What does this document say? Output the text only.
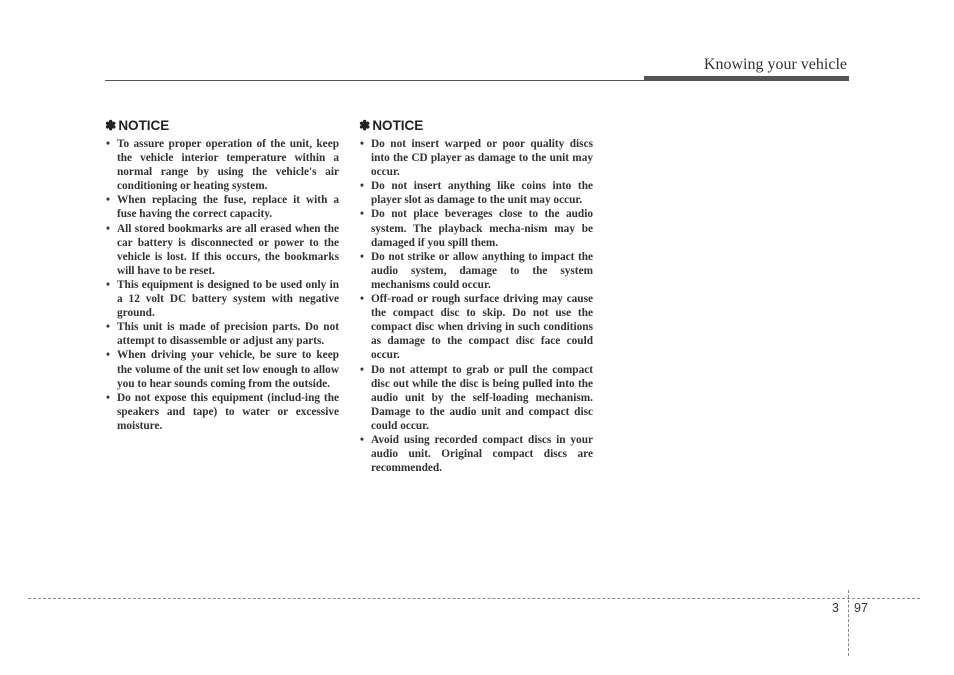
Knowing your vehicle
✽ NOTICE
• To assure proper operation of the unit, keep the vehicle interior temperature within a normal range by using the vehicle's air conditioning or heating system.
• When replacing the fuse, replace it with a fuse having the correct capacity.
• All stored bookmarks are all erased when the car battery is disconnected or power to the vehicle is lost. If this occurs, the bookmarks will have to be reset.
• This equipment is designed to be used only in a 12 volt DC battery system with negative ground.
• This unit is made of precision parts. Do not attempt to disassemble or adjust any parts.
• When driving your vehicle, be sure to keep the volume of the unit set low enough to allow you to hear sounds coming from the outside.
• Do not expose this equipment (includ-ing the speakers and tape) to water or excessive moisture.
✽ NOTICE
• Do not insert warped or poor quality discs into the CD player as damage to the unit may occur.
• Do not insert anything like coins into the player slot as damage to the unit may occur.
• Do not place beverages close to the audio system. The playback mecha-nism may be damaged if you spill them.
• Do not strike or allow anything to impact the audio system, damage to the system mechanisms could occur.
• Off-road or rough surface driving may cause the compact disc to skip. Do not use the compact disc when driving in such conditions as damage to the compact disc face could occur.
• Do not attempt to grab or pull the compact disc out while the disc is being pulled into the audio unit by the self-loading mechanism. Damage to the audio unit and compact disc could occur.
• Avoid using recorded compact discs in your audio unit. Original compact discs are recommended.
3 97
